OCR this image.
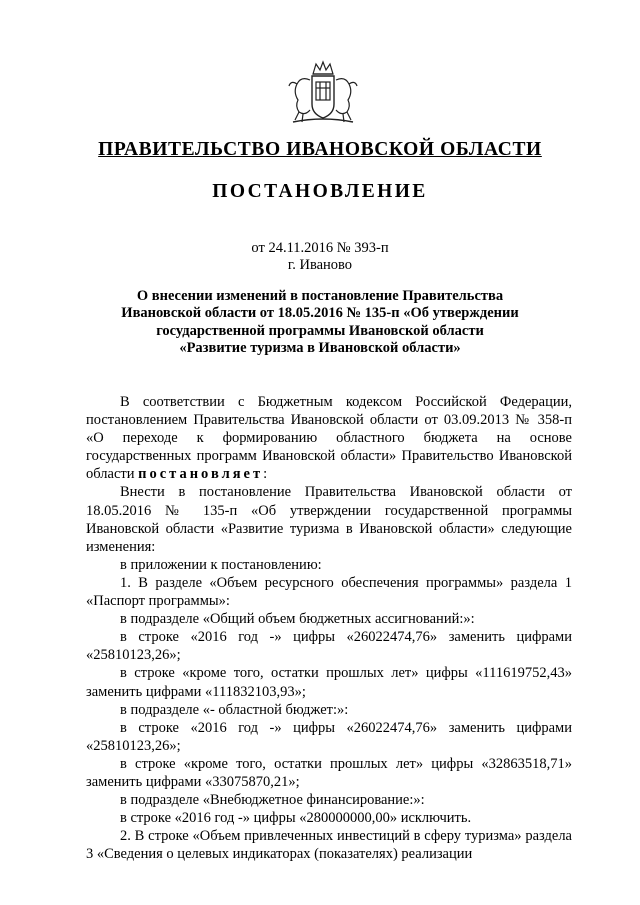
ПРАВИТЕЛЬСТВО ИВАНОВСКОЙ ОБЛАСТИ
ПОСТАНОВЛЕНИЕ
от 24.11.2016 № 393-п
г. Иваново
О внесении изменений в постановление Правительства
Ивановской области от 18.05.2016 № 135-п «Об утверждении
государственной программы Ивановской области
«Развитие туризма в Ивановской области»

В соответствии с Бюджетным кодексом Российской Федерации, постановлением Правительства Ивановской области от 03.09.2013 № 358-п «О переходе к формированию областного бюджета на основе государственных программ Ивановской области» Правительство Ивановской области постановляет:

Внести в постановление Правительства Ивановской области от 18.05.2016 № 135-п «Об утверждении государственной программы Ивановской области «Развитие туризма в Ивановской области» следующие изменения:

в приложении к постановлению:

1. В разделе «Объем ресурсного обеспечения программы» раздела 1 «Паспорт программы»:

в подразделе «Общий объем бюджетных ассигнований:»:

в строке «2016 год -» цифры «26022474,76» заменить цифрами «25810123,26»;

в строке «кроме того, остатки прошлых лет» цифры «111619752,43» заменить цифрами «111832103,93»;

в подразделе «- областной бюджет:»:

в строке «2016 год -» цифры «26022474,76» заменить цифрами «25810123,26»;

в строке «кроме того, остатки прошлых лет» цифры «32863518,71» заменить цифрами «33075870,21»;

в подразделе «Внебюджетное финансирование:»:

в строке «2016 год -» цифры «280000000,00» исключить.

2. В строке «Объем привлеченных инвестиций в сферу туризма» раздела 3 «Сведения о целевых индикаторах (показателях) реализации
